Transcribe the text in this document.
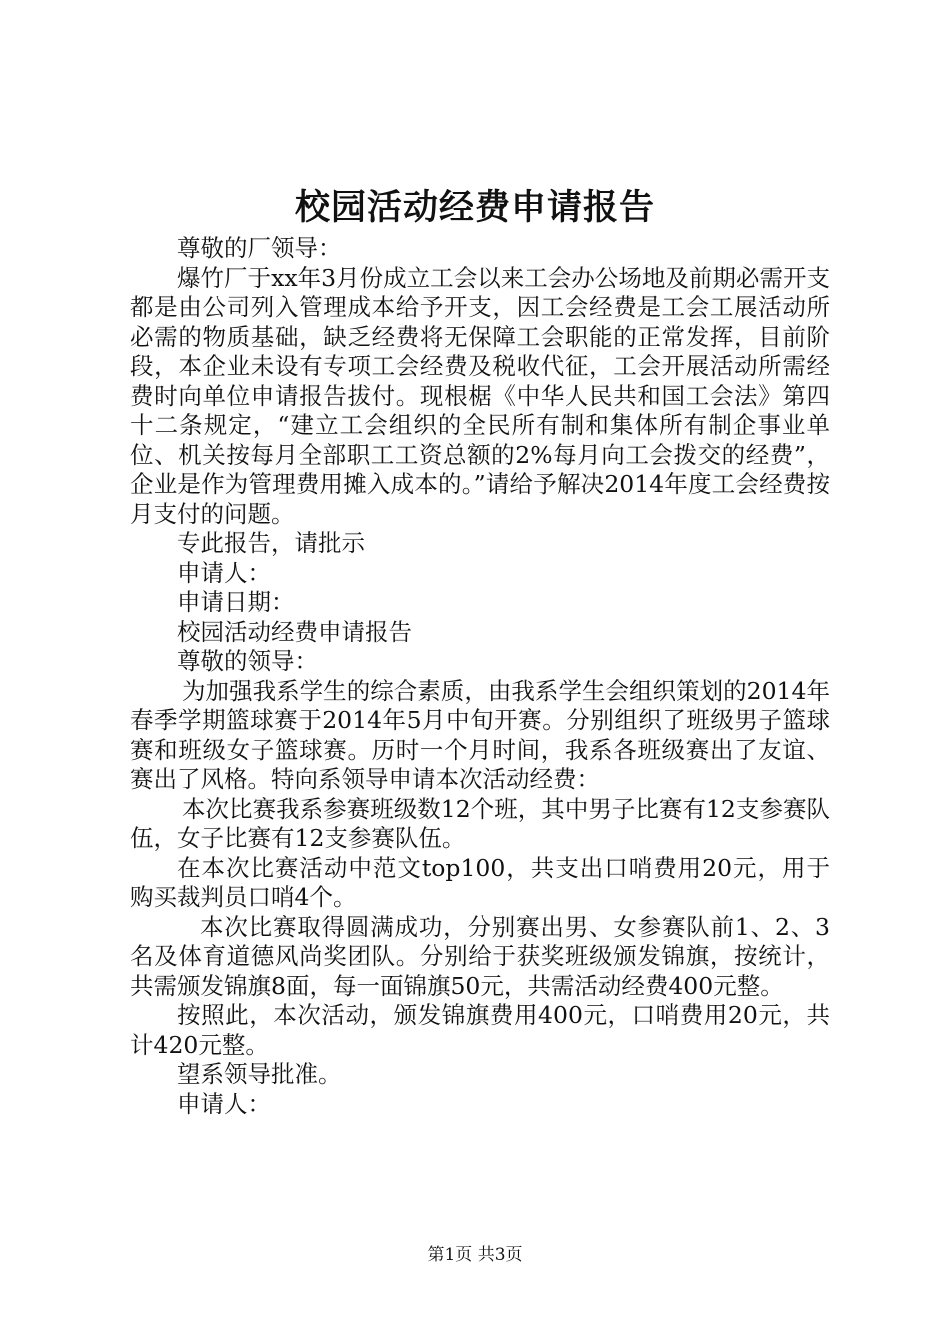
校园活动经费申请报告

尊敬的厂领导：

爆竹厂于xx年3月份成立工会以来工会办公场地及前期必需开支都是由公司列入管理成本给予开支，因工会经费是工会工展活动所必需的物质基础，缺乏经费将无保障工会职能的正常发挥，目前阶段，本企业未设有专项工会经费及税收代征，工会开展活动所需经费时向单位申请报告拔付。现根椐《中华人民共和国工会法》第四十二条规定，“建立工会组织的全民所有制和集体所有制企事业单位、机关按每月全部职工工资总额的2%每月向工会拨交的经费”，企业是作为管理费用摊入成本的。”请给予解决2014年度工会经费按月支付的问题。

专此报告，请批示

申请人：

申请日期：

校园活动经费申请报告

尊敬的领导：

为加强我系学生的综合素质，由我系学生会组织策划的2014年春季学期篮球赛于2014年5月中旬开赛。分别组织了班级男子篮球赛和班级女子篮球赛。历时一个月时间，我系各班级赛出了友谊、赛出了风格。特向系领导申请本次活动经费：

本次比赛我系参赛班级数12个班，其中男子比赛有12支参赛队伍，女子比赛有12支参赛队伍。

在本次比赛活动中范文top100，共支出口哨费用20元，用于购买裁判员口哨4个。

本次比赛取得圆满成功，分别赛出男、女参赛队前1、2、3名及体育道德风尚奖团队。分别给于获奖班级颁发锦旗，按统计，共需颁发锦旗8面，每一面锦旗50元，共需活动经费400元整。

按照此，本次活动，颁发锦旗费用400元，口哨费用20元，共计420元整。

望系领导批准。

申请人：

第1页 共3页
